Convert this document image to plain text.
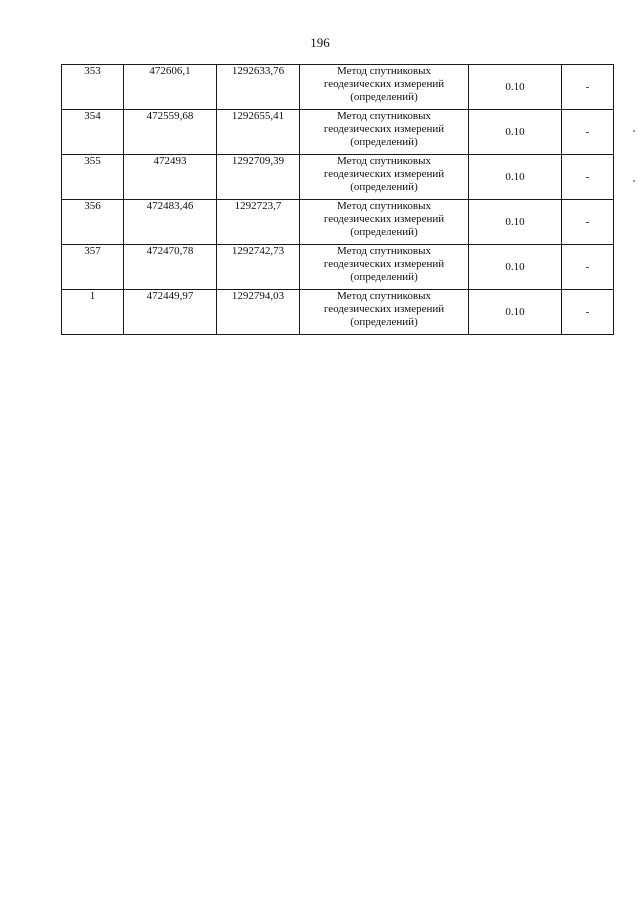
196
353	472606,1	1292633,76	Метод спутниковых
геодезических измерений
(определений)	0.10	-
354	472559,68	1292655,41	Метод спутниковых
геодезических измерений
(определений)	0.10	-
355	472493	1292709,39	Метод спутниковых
геодезических измерений
(определений)	0.10	-
356	472483,46	1292723,7	Метод спутниковых
геодезических измерений
(определений)	0.10	-
357	472470,78	1292742,73	Метод спутниковых
геодезических измерений
(определений)	0.10	-
1	472449,97	1292794,03	Метод спутниковых
геодезических измерений
(определений)	0.10	-
